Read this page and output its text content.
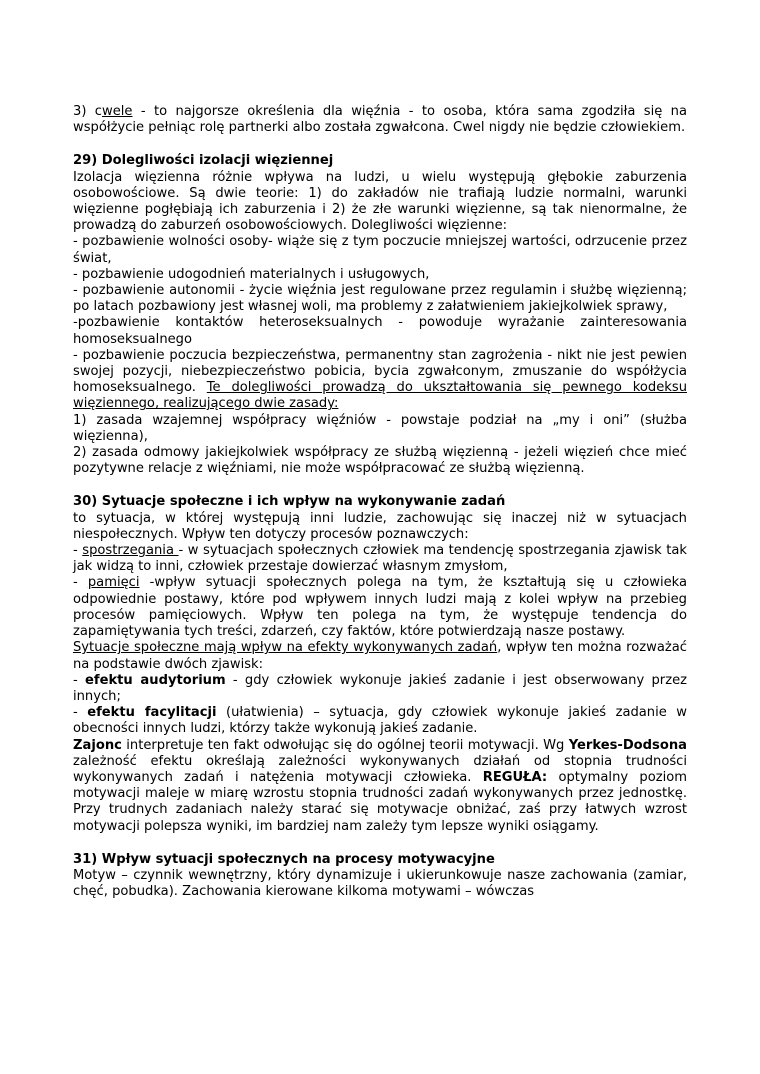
3) cwele - to najgorsze określenia dla więźnia - to osoba, która sama zgodziła się na współżycie pełniąc rolę partnerki albo została zgwałcona. Cwel nigdy nie będzie człowiekiem.

29) Dolegliwości izolacji więziennej

Izolacja więzienna różnie wpływa na ludzi, u wielu występują głębokie zaburzenia osobowościowe. Są dwie teorie: 1) do zakładów nie trafiają ludzie normalni, warunki więzienne pogłębiają ich zaburzenia i 2) że złe warunki więzienne, są tak nienormalne, że prowadzą do zaburzeń osobowościowych. Dolegliwości więzienne:

- pozbawienie wolności osoby- wiąże się z tym poczucie mniejszej wartości, odrzucenie przez świat,

- pozbawienie udogodnień materialnych i usługowych,

- pozbawienie autonomii - życie więźnia jest regulowane przez regulamin i służbę więzienną; po latach pozbawiony jest własnej woli, ma problemy z załatwieniem jakiejkolwiek sprawy,

-pozbawienie kontaktów heteroseksualnych - powoduje wyrażanie zainteresowania homoseksualnego

- pozbawienie poczucia bezpieczeństwa, permanentny stan zagrożenia - nikt nie jest pewien swojej pozycji, niebezpieczeństwo pobicia, bycia zgwałconym, zmuszanie do współżycia homoseksualnego. Te dolegliwości prowadzą do ukształtowania się pewnego kodeksu więziennego, realizującego dwie zasady:

1) zasada wzajemnej współpracy więźniów - powstaje podział na „my i oni” (służba więzienna),

2) zasada odmowy jakiejkolwiek współpracy ze służbą więzienną - jeżeli więzień chce mieć pozytywne relacje z więźniami, nie może współpracować ze służbą więzienną.

30) Sytuacje społeczne i ich wpływ na wykonywanie zadań

to sytuacja, w której występują inni ludzie, zachowując się inaczej niż w sytuacjach niespołecznych. Wpływ ten dotyczy procesów poznawczych:

- spostrzegania - w sytuacjach społecznych człowiek ma tendencję spostrzegania zjawisk tak jak widzą to inni, człowiek przestaje dowierzać własnym zmysłom,

- pamięci -wpływ sytuacji społecznych polega na tym, że kształtują się u człowieka odpowiednie postawy, które pod wpływem innych ludzi mają z kolei wpływ na przebieg procesów pamięciowych. Wpływ ten polega na tym, że występuje tendencja do zapamiętywania tych treści, zdarzeń, czy faktów, które potwierdzają nasze postawy.

Sytuacje społeczne mają wpływ na efekty wykonywanych zadań, wpływ ten można rozważać na podstawie dwóch zjawisk:

- efektu audytorium - gdy człowiek wykonuje jakieś zadanie i jest obserwowany przez innych;

- efektu facylitacji (ułatwienia) – sytuacja, gdy człowiek wykonuje jakieś zadanie w obecności innych ludzi, którzy także wykonują jakieś zadanie.

Zajonc interpretuje ten fakt odwołując się do ogólnej teorii motywacji. Wg Yerkes-Dodsona zależność efektu określają zależności wykonywanych działań od stopnia trudności wykonywanych zadań i natężenia motywacji człowieka. REGUŁA: optymalny poziom motywacji maleje w miarę wzrostu stopnia trudności zadań wykonywanych przez jednostkę. Przy trudnych zadaniach należy starać się motywacje obniżać, zaś przy łatwych wzrost motywacji polepsza wyniki, im bardziej nam zależy tym lepsze wyniki osiągamy.

31) Wpływ sytuacji społecznych na procesy motywacyjne

Motyw – czynnik wewnętrzny, który dynamizuje i ukierunkowuje nasze zachowania (zamiar, chęć, pobudka). Zachowania kierowane kilkoma motywami – wówczas
